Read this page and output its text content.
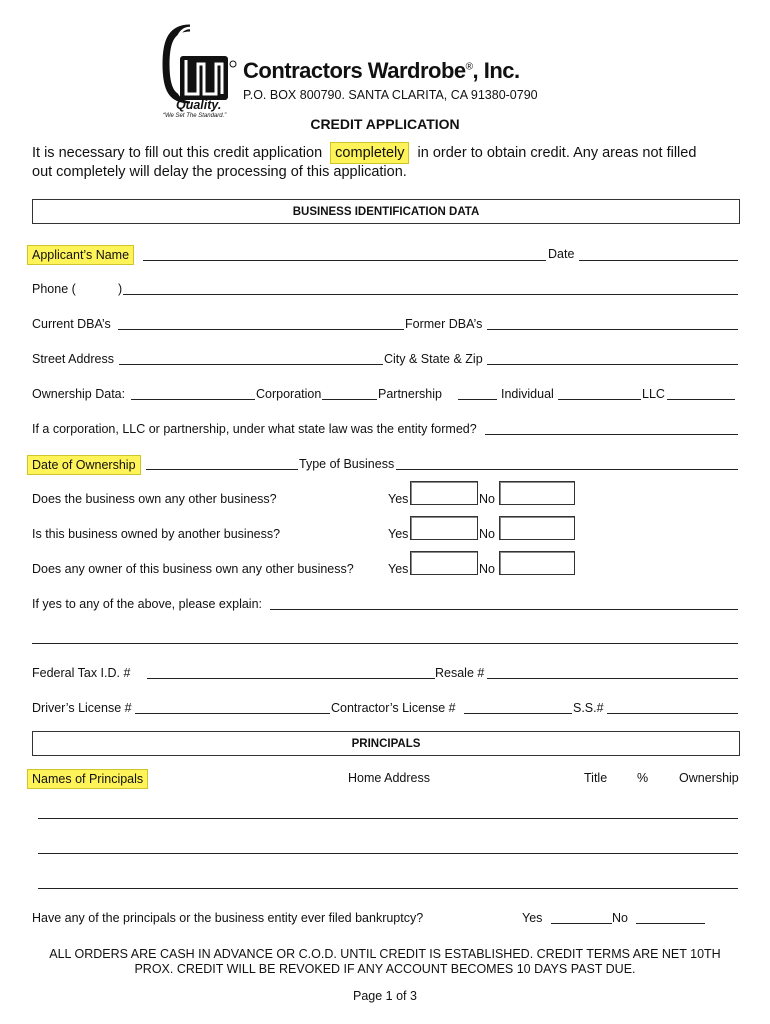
Quality.
“We Set The Standard.”
Contractors Wardrobe®, Inc.
P.O. BOX 800790. SANTA CLARITA, CA 91380-0790
CREDIT APPLICATION
It is necessary to fill out this credit application completely in order to obtain credit. Any areas not filled
out completely will delay the processing of this application.
BUSINESS IDENTIFICATION DATA
Applicant’s Name	Date
Phone (	)
Current DBA’s	Former DBA’s
Street Address	City & State & Zip
Ownership Data:	Corporation	Partnership	Individual	LLC
If a corporation, LLC or partnership, under what state law was the entity formed?
Date of Ownership	Type of Business
Does the business own any other business?	Yes	No
Is this business owned by another business?	Yes	No
Does any owner of this business own any other business?	Yes	No
If yes to any of the above, please explain:
Federal Tax I.D. #	Resale #
Driver’s License #	Contractor’s License #	S.S.#
PRINCIPALS
Names of Principals	Home Address	Title % Ownership
Have any of the principals or the business entity ever filed bankruptcy?	Yes	No
ALL ORDERS ARE CASH IN ADVANCE OR C.O.D. UNTIL CREDIT IS ESTABLISHED. CREDIT TERMS ARE NET 10TH
PROX. CREDIT WILL BE REVOKED IF ANY ACCOUNT BECOMES 10 DAYS PAST DUE.
Page 1 of 3
